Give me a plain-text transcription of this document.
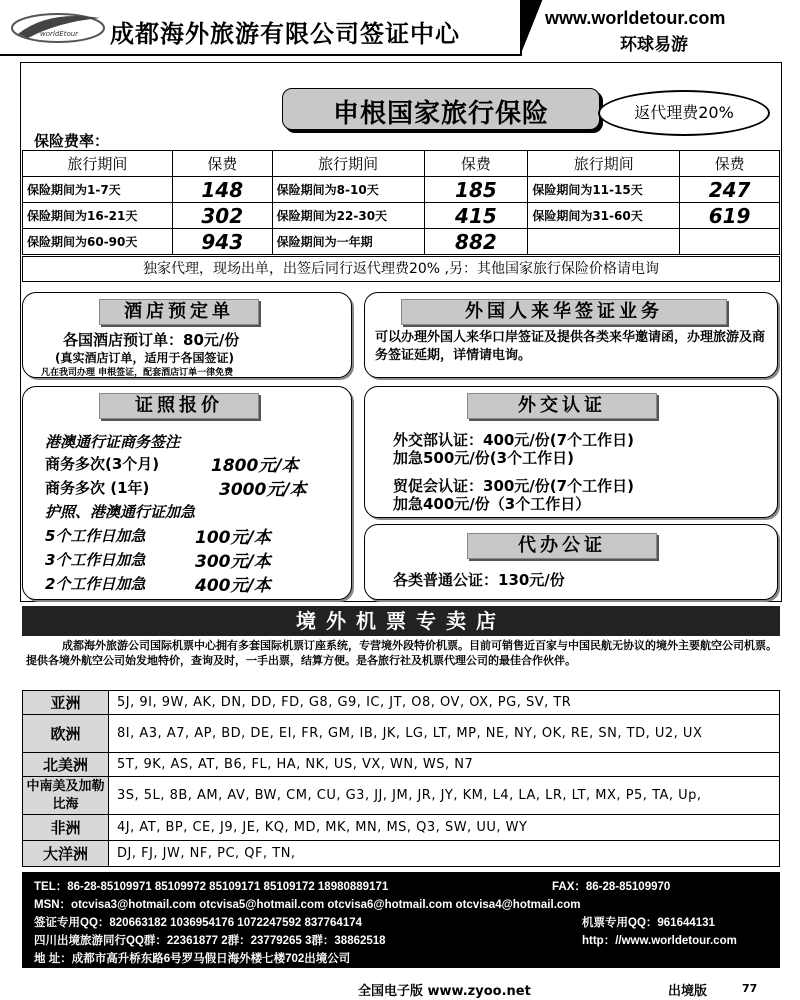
worldEtour 成都海外旅游有限公司签证中心
www.worldetour.com
环球易游
申根国家旅行保险	返代理费20%
保险费率：
旅行期间	保费	旅行期间	保费	旅行期间	保费
保险期间为1-7天	148	保险期间为8-10天	185	保险期间为11-15天	247
保险期间为16-21天	302	保险期间为22-30天	415	保险期间为31-60天	619
保险期间为60-90天	943	保险期间为一年期	882		
独家代理，现场出单，出签后同行返代理费20% ,另：其他国家旅行保险价格请电询
酒店预定单
各国酒店预订单：80元/份
(真实酒店订单，适用于各国签证)
凡在我司办理 申根签证，配套酒店订单一律免费
外国人来华签证业务
可以办理外国人来华口岸签证及提供各类来华邀请函，办理旅游及商务签证延期，详情请电询。
证照报价
港澳通行证商务签注
商务多次(3个月)	1800元/本
商务多次 (1年)	3000元/本
护照、港澳通行证加急
5个工作日加急	100元/本
3个工作日加急	300元/本
2个工作日加急	400元/本
外交认证
外交部认证：400元/份(7个工作日)
加急500元/份(3个工作日)
贸促会认证：300元/份(7个工作日)
加急400元/份（3个工作日）
代办公证
各类普通公证：130元/份
境外机票专卖店
成都海外旅游公司国际机票中心拥有多套国际机票订座系统，专营境外段特价机票。目前可销售近百家与中国民航无协议的境外主要航空公司机票。提供各境外航空公司始发地特价，查询及时，一手出票，结算方便。是各旅行社及机票代理公司的最佳合作伙伴。
亚洲	5J, 9I, 9W, AK, DN, DD, FD, G8, G9, IC, JT, O8, OV, OX, PG, SV, TR
欧洲	8I, A3, A7, AP, BD, DE, EI, FR, GM, IB, JK, LG, LT, MP, NE, NY, OK, RE, SN, TD, U2, UX
北美洲	5T, 9K, AS, AT, B6, FL, HA, NK, US, VX, WN, WS, N7
中南美及加勒比海	3S, 5L, 8B, AM, AV, BW, CM, CU, G3, JJ, JM, JR, JY, KM, L4, LA, LR, LT, MX, P5, TA, Up,
非洲	4J, AT, BP, CE, J9, JE, KQ, MD, MK, MN, MS, Q3, SW, UU, WY
大洋洲	DJ, FJ, JW, NF, PC, QF, TN,
TEL：86-28-85109971 85109972 85109171 85109172 18980889171	FAX：86-28-85109970
MSN：otcvisa3@hotmail.com otcvisa5@hotmail.com otcvisa6@hotmail.com otcvisa4@hotmail.com
签证专用QQ：820663182 1036954176 1072247592 837764174	机票专用QQ：961644131
四川出境旅游同行QQ群：22361877 2群：23779265 3群：38862518	http：//www.worldetour.com
地 址：成都市高升桥东路6号罗马假日海外楼七楼702出境公司
全国电子版 www.zyoo.net	出境版	77
